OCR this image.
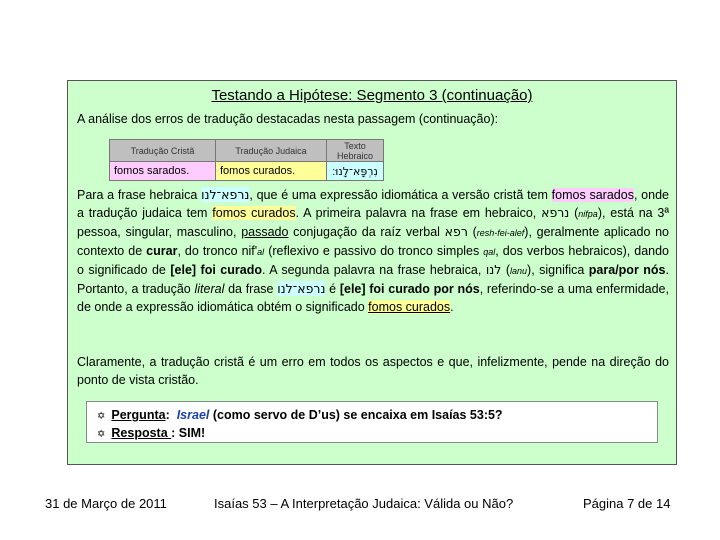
Testando a Hipótese: Segmento 3 (continuação)
A análise dos erros de tradução destacadas nesta passagem (continuação):
Tradução Cristã	Tradução Judaica	Texto Hebraico
fomos sarados.	fomos curados.	נִרְפָּא־לָנוּ׃
Para a frase hebraica נרפא־לנו, que é uma expressão idiomática a versão cristã tem fomos sarados, onde a tradução judaica tem fomos curados. A primeira palavra na frase em hebraico, נרפא (nifpa), está na 3ª pessoa, singular, masculino, passado conjugação da raíz verbal רפא (resh-fei-alef), geralmente aplicado no contexto de curar, do tronco nif'al (reflexivo e passivo do tronco simples qal, dos verbos hebraicos), dando o significado de [ele] foi curado. A segunda palavra na frase hebraica, לנו (lanu), significa para/por nós. Portanto, a tradução literal da frase נרפא־לנו é [ele] foi curado por nós, referindo-se a uma enfermidade, de onde a expressão idiomática obtém o significado fomos curados.
Claramente, a tradução cristã é um erro em todos os aspectos e que, infelizmente, pende na direção do ponto de vista cristão.
✡ Pergunta: Israel (como servo de D’us) se encaixa em Isaías 53:5?
✡ Resposta : SIM!
31 de Março de 2011	Isaías 53 – A Interpretação Judaica: Válida ou Não?	Página 7 de 14
